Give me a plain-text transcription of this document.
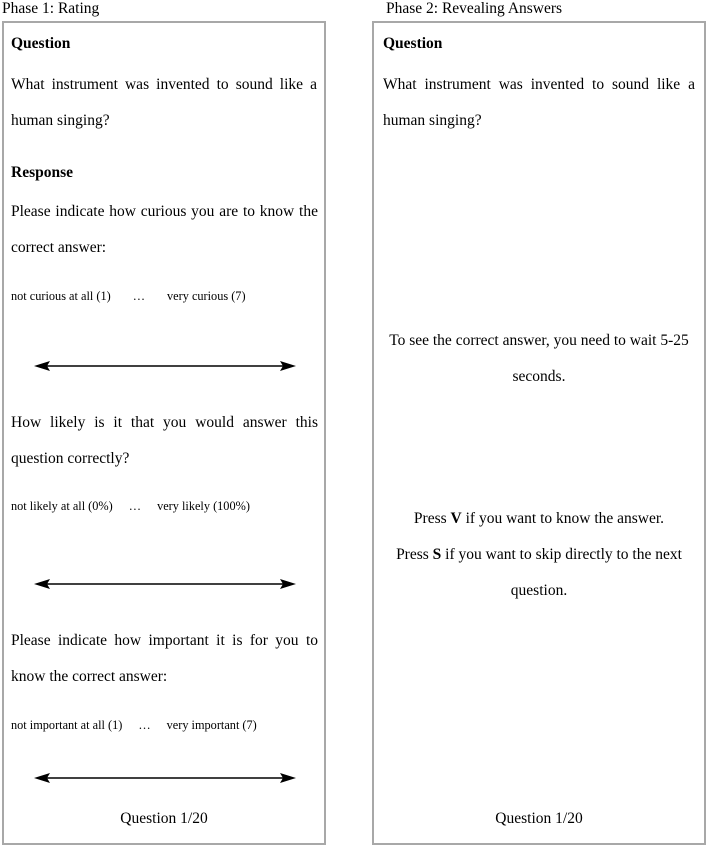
Phase 1: Rating	Phase 2: Revealing Answers
Question
What instrument was invented to sound like a human singing?
Response
Please indicate how curious you are to know the correct answer:
not curious at all (1) … very curious (7)
How likely is it that you would answer this question correctly?
not likely at all (0%) … very likely (100%)
Please indicate how important it is for you to know the correct answer:
not important at all (1) … very important (7)
Question 1/20
Question
What instrument was invented to sound like a human singing?
To see the correct answer, you need to wait 5-25 seconds.
Press V if you want to know the answer.
Press S if you want to skip directly to the next question.
Question 1/20
